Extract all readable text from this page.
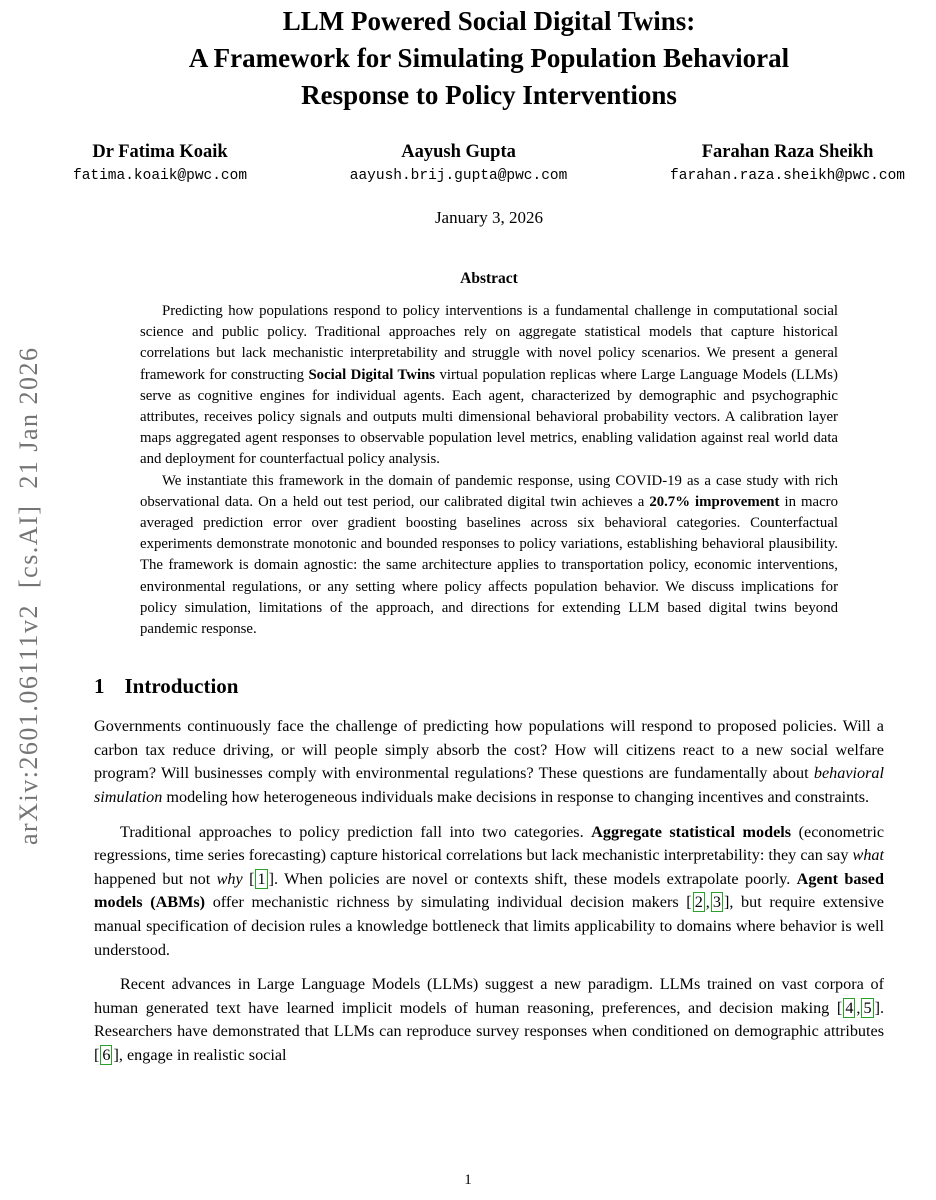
arXiv:2601.06111v2  [cs.AI]  21 Jan 2026
LLM Powered Social Digital Twins:
A Framework for Simulating Population Behavioral
Response to Policy Interventions
Dr Fatima Koaik
fatima.koaik@pwc.com
Aayush Gupta
aayush.brij.gupta@pwc.com
Farahan Raza Sheikh
farahan.raza.sheikh@pwc.com
January 3, 2026
Abstract

Predicting how populations respond to policy interventions is a fundamental challenge in computational social science and public policy. Traditional approaches rely on aggregate statistical models that capture historical correlations but lack mechanistic interpretability and struggle with novel policy scenarios. We present a general framework for constructing Social Digital Twins virtual population replicas where Large Language Models (LLMs) serve as cognitive engines for individual agents. Each agent, characterized by demographic and psychographic attributes, receives policy signals and outputs multi dimensional behavioral probability vectors. A calibration layer maps aggregated agent responses to observable population level metrics, enabling validation against real world data and deployment for counterfactual policy analysis.

We instantiate this framework in the domain of pandemic response, using COVID-19 as a case study with rich observational data. On a held out test period, our calibrated digital twin achieves a 20.7% improvement in macro averaged prediction error over gradient boosting baselines across six behavioral categories. Counterfactual experiments demonstrate monotonic and bounded responses to policy variations, establishing behavioral plausibility. The framework is domain agnostic: the same architecture applies to transportation policy, economic interventions, environmental regulations, or any setting where policy affects population behavior. We discuss implications for policy simulation, limitations of the approach, and directions for extending LLM based digital twins beyond pandemic response.

1 Introduction

Governments continuously face the challenge of predicting how populations will respond to proposed policies. Will a carbon tax reduce driving, or will people simply absorb the cost? How will citizens react to a new social welfare program? Will businesses comply with environmental regulations? These questions are fundamentally about behavioral simulation modeling how heterogeneous individuals make decisions in response to changing incentives and constraints.

Traditional approaches to policy prediction fall into two categories. Aggregate statistical models (econometric regressions, time series forecasting) capture historical correlations but lack mechanistic interpretability: they can say what happened but not why [ 1 ]. When policies are novel or contexts shift, these models extrapolate poorly. Agent based models (ABMs) offer mechanistic richness by simulating individual decision makers [ 2 , 3 ], but require extensive manual specification of decision rules a knowledge bottleneck that limits applicability to domains where behavior is well understood.

Recent advances in Large Language Models (LLMs) suggest a new paradigm. LLMs trained on vast corpora of human generated text have learned implicit models of human reasoning, preferences, and decision making [ 4 , 5 ]. Researchers have demonstrated that LLMs can reproduce survey responses when conditioned on demographic attributes [ 6 ], engage in realistic social

1
